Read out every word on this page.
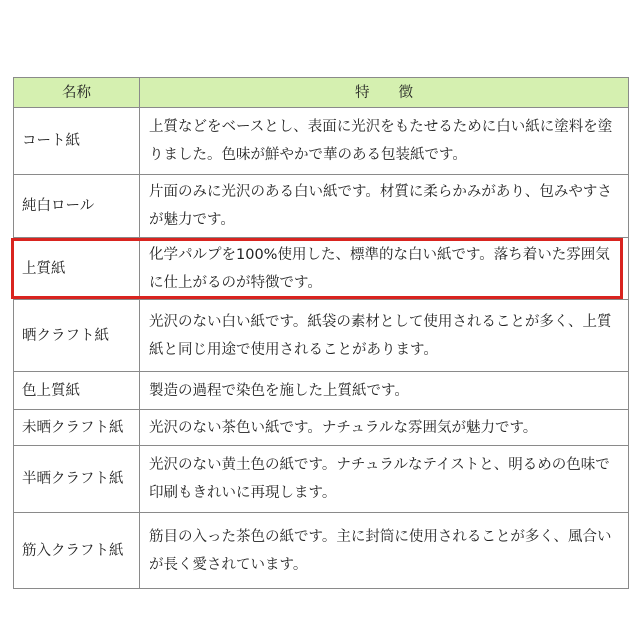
名称	特　　徴
コート紙	上質などをベースとし、表面に光沢をもたせるために白い紙に塗料を塗りました。色味が鮮やかで華のある包装紙です。
純白ロール	片面のみに光沢のある白い紙です。材質に柔らかみがあり、包みやすさが魅力です。
上質紙	化学パルプを100%使用した、標準的な白い紙です。落ち着いた雰囲気に仕上がるのが特徴です。
晒クラフト紙	光沢のない白い紙です。紙袋の素材として使用されることが多く、上質紙と同じ用途で使用されることがあります。
色上質紙	製造の過程で染色を施した上質紙です。
未晒クラフト紙	光沢のない茶色い紙です。ナチュラルな雰囲気が魅力です。
半晒クラフト紙	光沢のない黄土色の紙です。ナチュラルなテイストと、明るめの色味で印刷もきれいに再現します。
筋入クラフト紙	筋目の入った茶色の紙です。主に封筒に使用されることが多く、風合いが長く愛されています。
